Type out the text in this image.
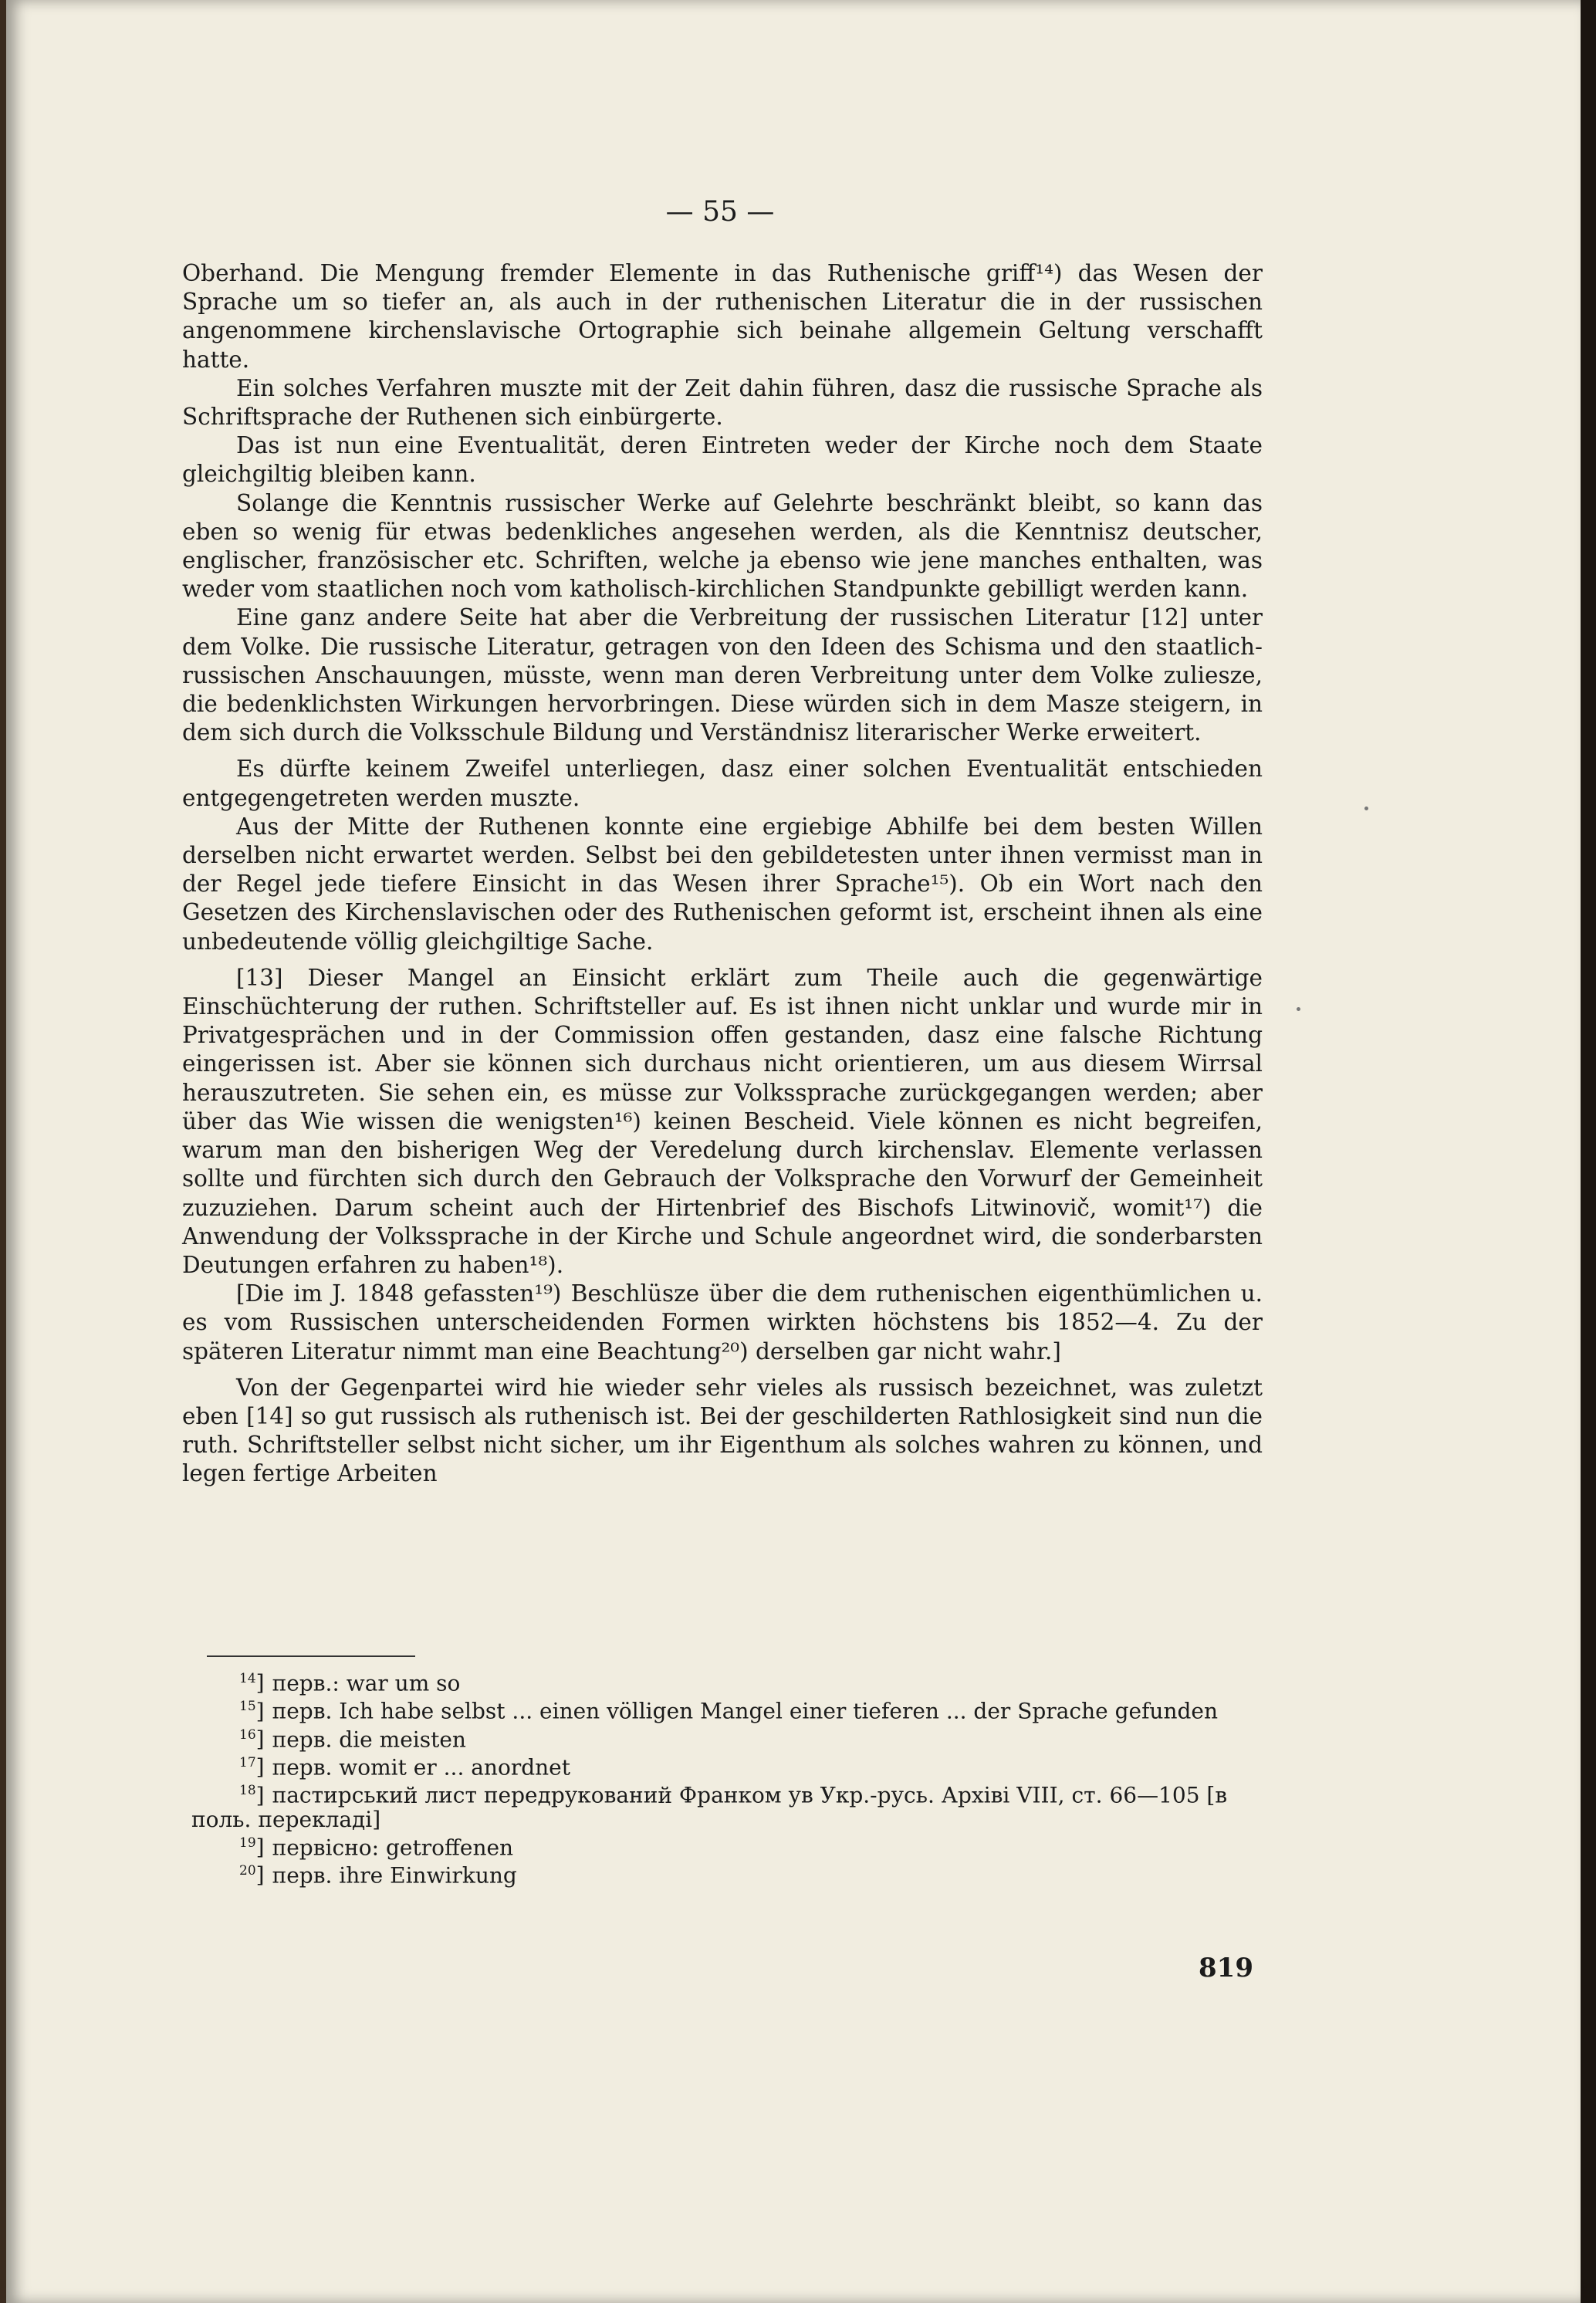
— 55 —

Oberhand. Die Mengung fremder Elemente in das Ruthenische griff¹⁴) das Wesen der Sprache um so tiefer an, als auch in der ruthenischen Literatur die in der russischen angenommene kirchenslavische Ortographie sich beinahe allgemein Geltung verschafft hatte.

Ein solches Verfahren muszte mit der Zeit dahin führen, dasz die russische Sprache als Schriftsprache der Ruthenen sich einbürgerte.

Das ist nun eine Eventualität, deren Eintreten weder der Kirche noch dem Staate gleichgiltig bleiben kann.

Solange die Kenntnis russischer Werke auf Gelehrte beschränkt bleibt, so kann das eben so wenig für etwas bedenkliches angesehen werden, als die Kenntnisz deutscher, englischer, französischer etc. Schriften, welche ja ebenso wie jene manches enthalten, was weder vom staatlichen noch vom katholisch-kirchlichen Standpunkte gebilligt werden kann.

Eine ganz andere Seite hat aber die Verbreitung der russischen Literatur [12] unter dem Volke. Die russische Literatur, getragen von den Ideen des Schisma und den staatlich-russischen Anschauungen, müsste, wenn man deren Verbreitung unter dem Volke zuliesze, die bedenklichsten Wirkungen hervorbringen. Diese würden sich in dem Masze steigern, in dem sich durch die Volksschule Bildung und Verständnisz literarischer Werke erweitert.

Es dürfte keinem Zweifel unterliegen, dasz einer solchen Eventualität entschieden entgegengetreten werden muszte.

Aus der Mitte der Ruthenen konnte eine ergiebige Abhilfe bei dem besten Willen derselben nicht erwartet werden. Selbst bei den gebildetesten unter ihnen vermisst man in der Regel jede tiefere Einsicht in das Wesen ihrer Sprache¹⁵). Ob ein Wort nach den Gesetzen des Kirchenslavischen oder des Ruthenischen geformt ist, erscheint ihnen als eine unbedeutende völlig gleichgiltige Sache.

[13] Dieser Mangel an Einsicht erklärt zum Theile auch die gegenwärtige Einschüchterung der ruthen. Schriftsteller auf. Es ist ihnen nicht unklar und wurde mir in Privatgesprächen und in der Commission offen gestanden, dasz eine falsche Richtung eingerissen ist. Aber sie können sich durchaus nicht orientieren, um aus diesem Wirrsal herauszutreten. Sie sehen ein, es müsse zur Volkssprache zurückgegangen werden; aber über das Wie wissen die wenigsten¹⁶) keinen Bescheid. Viele können es nicht begreifen, warum man den bisherigen Weg der Veredelung durch kirchenslav. Elemente verlassen sollte und fürchten sich durch den Gebrauch der Volksprache den Vorwurf der Gemeinheit zuzuziehen. Darum scheint auch der Hirtenbrief des Bischofs Litwinovič, womit¹⁷) die Anwendung der Volkssprache in der Kirche und Schule angeordnet wird, die sonderbarsten Deutungen erfahren zu haben¹⁸).

[Die im J. 1848 gefassten¹⁹) Beschlüsze über die dem ruthenischen eigenthümlichen u. es vom Russischen unterscheidenden Formen wirkten höchstens bis 1852—4. Zu der späteren Literatur nimmt man eine Beachtung²⁰) derselben gar nicht wahr.]

Von der Gegenpartei wird hie wieder sehr vieles als russisch bezeichnet, was zuletzt eben [14] so gut russisch als ruthenisch ist. Bei der geschilderten Rathlosigkeit sind nun die ruth. Schriftsteller selbst nicht sicher, um ihr Eigenthum als solches wahren zu können, und legen fertige Arbeiten

$^{14}$] перв.: war um so

$^{15}$] перв. Ich habe selbst ... einen völligen Mangel einer tieferen ... der Sprache gefunden

$^{16}$] перв. die meisten

$^{17}$] перв. womit er ... anordnet

$^{18}$] пастирський лист передрукований Франком ув Укр.-русь. Архіві VIII, ст. 66—105 [в поль. перекладі]

$^{19}$] первісно: getroffenen

$^{20}$] перв. ihre Einwirkung

819
